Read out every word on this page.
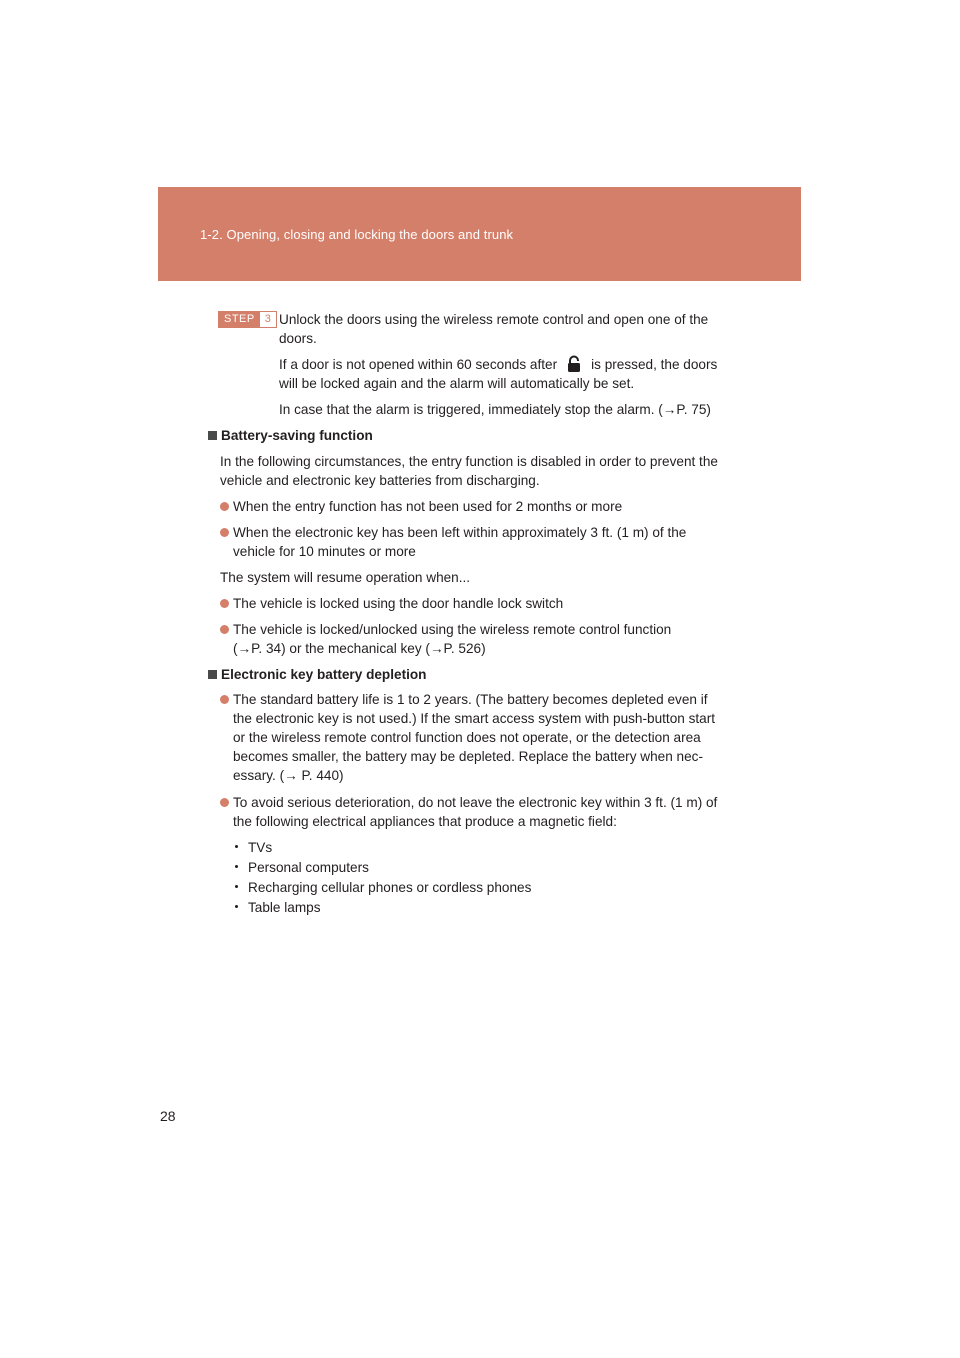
1-2. Opening, closing and locking the doors and trunk
STEP 3 Unlock the doors using the wireless remote control and open one of the
doors.
If a door is not opened within 60 seconds after	is pressed, the doors
will be locked again and the alarm will automatically be set.
In case that the alarm is triggered, immediately stop the alarm. (→P. 75)
Battery-saving function
In the following circumstances, the entry function is disabled in order to prevent the
vehicle and electronic key batteries from discharging.
When the entry function has not been used for 2 months or more
When the electronic key has been left within approximately 3 ft. (1 m) of the
vehicle for 10 minutes or more
The system will resume operation when...
The vehicle is locked using the door handle lock switch
The vehicle is locked/unlocked using the wireless remote control function
(→P. 34) or the mechanical key (→P. 526)
Electronic key battery depletion
The standard battery life is 1 to 2 years. (The battery becomes depleted even if
the electronic key is not used.) If the smart access system with push-button start
or the wireless remote control function does not operate, or the detection area
becomes smaller, the battery may be depleted. Replace the battery when nec-
essary. (→ P. 440)
To avoid serious deterioration, do not leave the electronic key within 3 ft. (1 m) of
the following electrical appliances that produce a magnetic field:
TVs
Personal computers
Recharging cellular phones or cordless phones
Table lamps
28
